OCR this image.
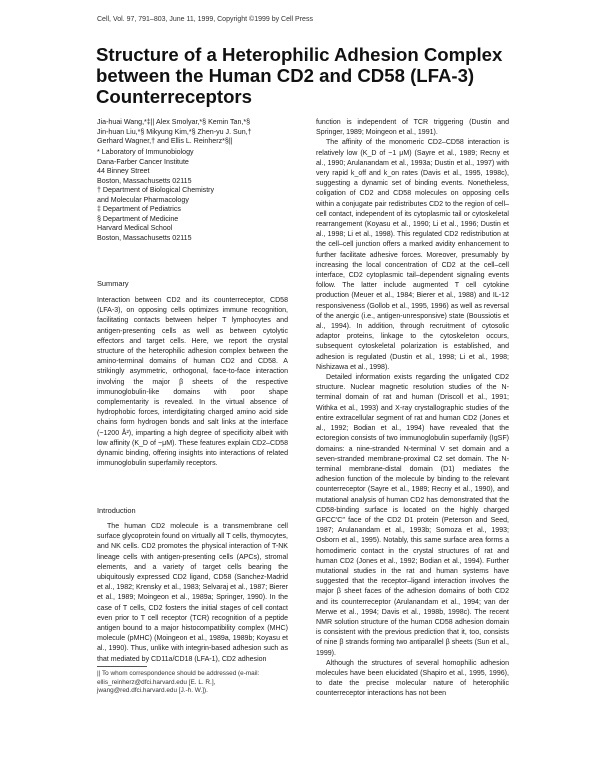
Cell, Vol. 97, 791–803, June 11, 1999, Copyright ©1999 by Cell Press
Structure of a Heterophilic Adhesion Complex
between the Human CD2 and CD58 (LFA-3)
Counterreceptors
Jia-huai Wang,*‡|| Alex Smolyar,*§ Kemin Tan,*§
Jin-huan Liu,*§ Mikyung Kim,*§ Zhen-yu J. Sun,†
Gerhard Wagner,† and Ellis L. Reinherz*§||
* Laboratory of Immunobiology
Dana-Farber Cancer Institute
44 Binney Street
Boston, Massachusetts 02115
† Department of Biological Chemistry
and Molecular Pharmacology
‡ Department of Pediatrics
§ Department of Medicine
Harvard Medical School
Boston, Massachusetts 02115
Summary

Interaction between CD2 and its counterreceptor, CD58 (LFA-3), on opposing cells optimizes immune recognition, facilitating contacts between helper T lymphocytes and antigen-presenting cells as well as between cytolytic effectors and target cells. Here, we report the crystal structure of the heterophilic adhesion complex between the amino-terminal domains of human CD2 and CD58. A strikingly asymmetric, orthogonal, face-to-face interaction involving the major β sheets of the respective immunoglobulin-like domains with poor shape complementarity is revealed. In the virtual absence of hydrophobic forces, interdigitating charged amino acid side chains form hydrogen bonds and salt links at the interface (~1200 Å²), imparting a high degree of specificity albeit with low affinity (K_D of ~μM). These features explain CD2–CD58 dynamic binding, offering insights into interactions of related immunoglobulin superfamily receptors.

Introduction

The human CD2 molecule is a transmembrane cell surface glycoprotein found on virtually all T cells, thymocytes, and NK cells. CD2 promotes the physical interaction of T-NK lineage cells with antigen-presenting cells (APCs), stromal elements, and a variety of target cells bearing the ubiquitously expressed CD2 ligand, CD58 (Sanchez-Madrid et al., 1982; Krensky et al., 1983; Selvaraj et al., 1987; Bierer et al., 1989; Moingeon et al., 1989a; Springer, 1990). In the case of T cells, CD2 fosters the initial stages of cell contact even prior to T cell receptor (TCR) recognition of a peptide antigen bound to a major histocompatibility complex (MHC) molecule (pMHC) (Moingeon et al., 1989a, 1989b; Koyasu et al., 1990). Thus, unlike with integrin-based adhesion such as that mediated by CD11a/CD18 (LFA-1), CD2 adhesion

|| To whom correspondence should be addressed (e-mail: ellis_reinherz@dfci.harvard.edu [E. L. R.], jwang@red.dfci.harvard.edu [J.-h. W.]).

function is independent of TCR triggering (Dustin and Springer, 1989; Moingeon et al., 1991).

The affinity of the monomeric CD2–CD58 interaction is relatively low (K_D of ~1 μM) (Sayre et al., 1989; Recny et al., 1990; Arulanandam et al., 1993a; Dustin et al., 1997) with very rapid k_off and k_on rates (Davis et al., 1995, 1998c), suggesting a dynamic set of binding events. Nonetheless, coligation of CD2 and CD58 molecules on opposing cells within a conjugate pair redistributes CD2 to the region of cell–cell contact, independent of its cytoplasmic tail or cytoskeletal rearrangement (Koyasu et al., 1990; Li et al., 1996; Dustin et al., 1998; Li et al., 1998). This regulated CD2 redistribution at the cell–cell junction offers a marked avidity enhancement to further facilitate adhesive forces. Moreover, presumably by increasing the local concentration of CD2 at the cell–cell interface, CD2 cytoplasmic tail–dependent signaling events follow. The latter include augmented T cell cytokine production (Meuer et al., 1984; Bierer et al., 1988) and IL-12 responsiveness (Gollob et al., 1995, 1996) as well as reversal of the anergic (i.e., antigen-unresponsive) state (Boussiotis et al., 1994). In addition, through recruitment of cytosolic adaptor proteins, linkage to the cytoskeleton occurs, subsequent cytoskeletal polarization is established, and adhesion is regulated (Dustin et al., 1998; Li et al., 1998; Nishizawa et al., 1998).

Detailed information exists regarding the unligated CD2 structure. Nuclear magnetic resolution studies of the N-terminal domain of rat and human (Driscoll et al., 1991; Withka et al., 1993) and X-ray crystallographic studies of the entire extracellular segment of rat and human CD2 (Jones et al., 1992; Bodian et al., 1994) have revealed that the ectoregion consists of two immunoglobulin superfamily (IgSF) domains: a nine-stranded N-terminal V set domain and a seven-stranded membrane-proximal C2 set domain. The N-terminal membrane-distal domain (D1) mediates the adhesion function of the molecule by binding to the relevant counterreceptor (Sayre et al., 1989; Recny et al., 1990), and mutational analysis of human CD2 has demonstrated that the CD58-binding surface is located on the highly charged GFCC′C″ face of the CD2 D1 protein (Peterson and Seed, 1987; Arulanandam et al., 1993b; Somoza et al., 1993; Osborn et al., 1995). Notably, this same surface area forms a homodimeric contact in the crystal structures of rat and human CD2 (Jones et al., 1992; Bodian et al., 1994). Further mutational studies in the rat and human systems have suggested that the receptor–ligand interaction involves the major β sheet faces of the adhesion domains of both CD2 and its counterreceptor (Arulanandam et al., 1994; van der Merwe et al., 1994; Davis et al., 1998b, 1998c). The recent NMR solution structure of the human CD58 adhesion domain is consistent with the previous prediction that it, too, consists of nine β strands forming two antiparallel β sheets (Sun et al., 1999).

Although the structures of several homophilic adhesion molecules have been elucidated (Shapiro et al., 1995, 1996), to date the precise molecular nature of heterophilic counterreceptor interactions has not been
